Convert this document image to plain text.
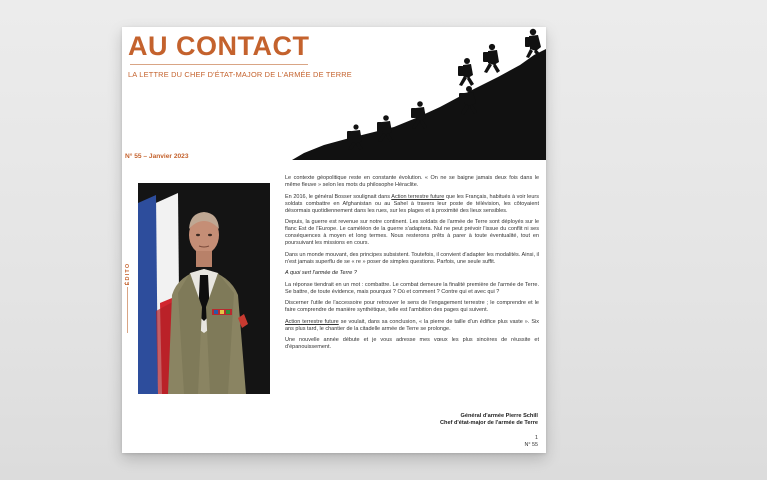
AU CONTACT
LA LETTRE DU CHEF D'ÉTAT-MAJOR DE L'ARMÉE DE TERRE
N° 55 – Janvier 2023
ÉDITO

Le contexte géopolitique reste en constante évolution. « On ne se baigne jamais deux fois dans le même fleuve » selon les mots du philosophe Héraclite.

En 2016, le général Bosser soulignait dans Action terrestre future que les Français, habitués à voir leurs soldats combattre en Afghanistan ou au Sahel à travers leur poste de télévision, les côtoyaient désormais quotidiennement dans les rues, sur les plages et à proximité des lieux sensibles.

Depuis, la guerre est revenue sur notre continent. Les soldats de l'armée de Terre sont déployés sur le flanc Est de l'Europe. Le caméléon de la guerre s'adaptera. Nul ne peut prévoir l'issue du conflit ni ses conséquences à moyen et long termes. Nous resterons prêts à parer à toute éventualité, tout en poursuivant les missions en cours.

Dans un monde mouvant, des principes subsistent. Toutefois, il convient d'adapter les modalités. Ainsi, il n'est jamais superflu de se « re » poser de simples questions. Parfois, une seule suffit.

A quoi sert l'armée de Terre ?

La réponse tiendrait en un mot : combattre. Le combat demeure la finalité première de l'armée de Terre. Se battre, de toute évidence, mais pourquoi ? Où et comment ? Contre qui et avec qui ?

Discerner l'utile de l'accessoire pour retrouver le sens de l'engagement terrestre ; le comprendre et le faire comprendre de manière synthétique, telle est l'ambition des pages qui suivent.

Action terrestre future se voulait, dans sa conclusion, « la pierre de taille d'un édifice plus vaste ». Six ans plus tard, le chantier de la citadelle armée de Terre se prolonge.

Une nouvelle année débute et je vous adresse mes vœux les plus sincères de réussite et d'épanouissement.

Général d'armée Pierre Schill
Chef d'état-major de l'armée de Terre
1
N° 55
